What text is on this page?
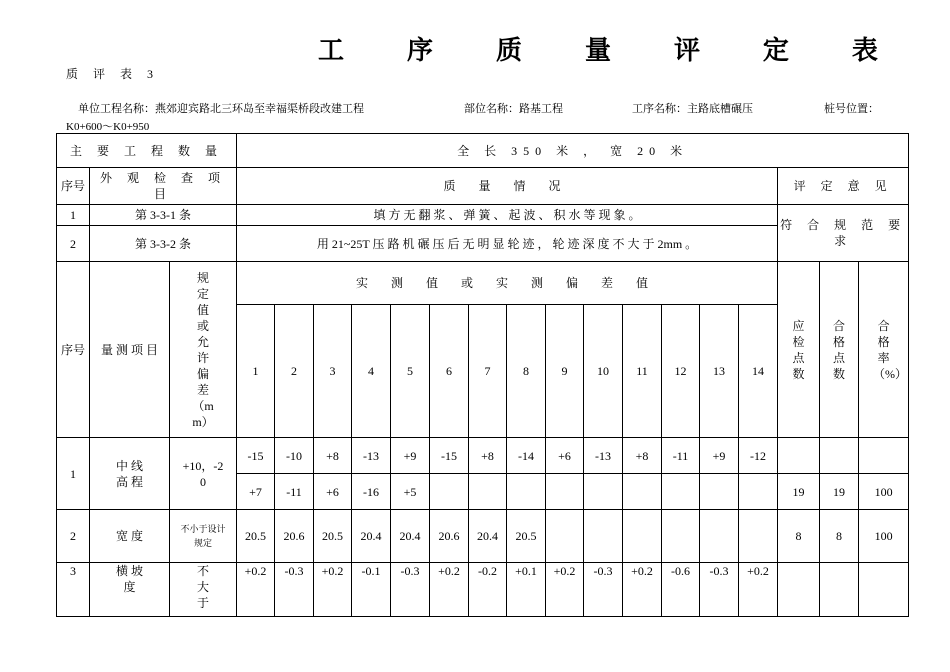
工 序 质 量 评 定 表
质 评 表 3
单位工程名称：燕郊迎宾路北三环岛至幸福渠桥段改建工程	部位名称：路基工程	工序名称：主路底槽碾压	桩号位置：
K0+600～K0+950
主 要 工 程 数 量			全 长 350 米 ， 宽 20 米																
序号	外 观 检 查 项 目		质 量 情 况														评 定 意 见		
1	第 3-3-1 条		填 方 无 翻 浆 、 弹 簧 、 起 波 、 积 水 等 现 象 。														符 合 规 范 要 求		
2	第 3-3-2 条		用 21~25T 压 路 机 碾 压 后 无 明 显 轮 迹 ， 轮 迹 深 度 不 大 于 2mm 。																
序号	量 测 项 目	规定值或允许偏差（mm）	实 测 值 或 实 测 偏 差 值														应检点数	合格点数	合格率（%）
			1	2	3	4	5	6	7	8	9	10	11	12	13	14			
1	中 线 高 程	+10，-20	-15	-10	+8	-13	+9	-15	+8	-14	+6	-13	+8	-11	+9	-12			
			+7	-11	+6	-16	+5										19	19	100
2	宽 度	不小于设计规定	20.5	20.6	20.5	20.4	20.4	20.6	20.4	20.5							8	8	100
3	横 坡 度	不大于	+0.2	-0.3	+0.2	-0.1	-0.3	+0.2	-0.2	+0.1	+0.2	-0.3	+0.2	-0.6	-0.3	+0.2			
